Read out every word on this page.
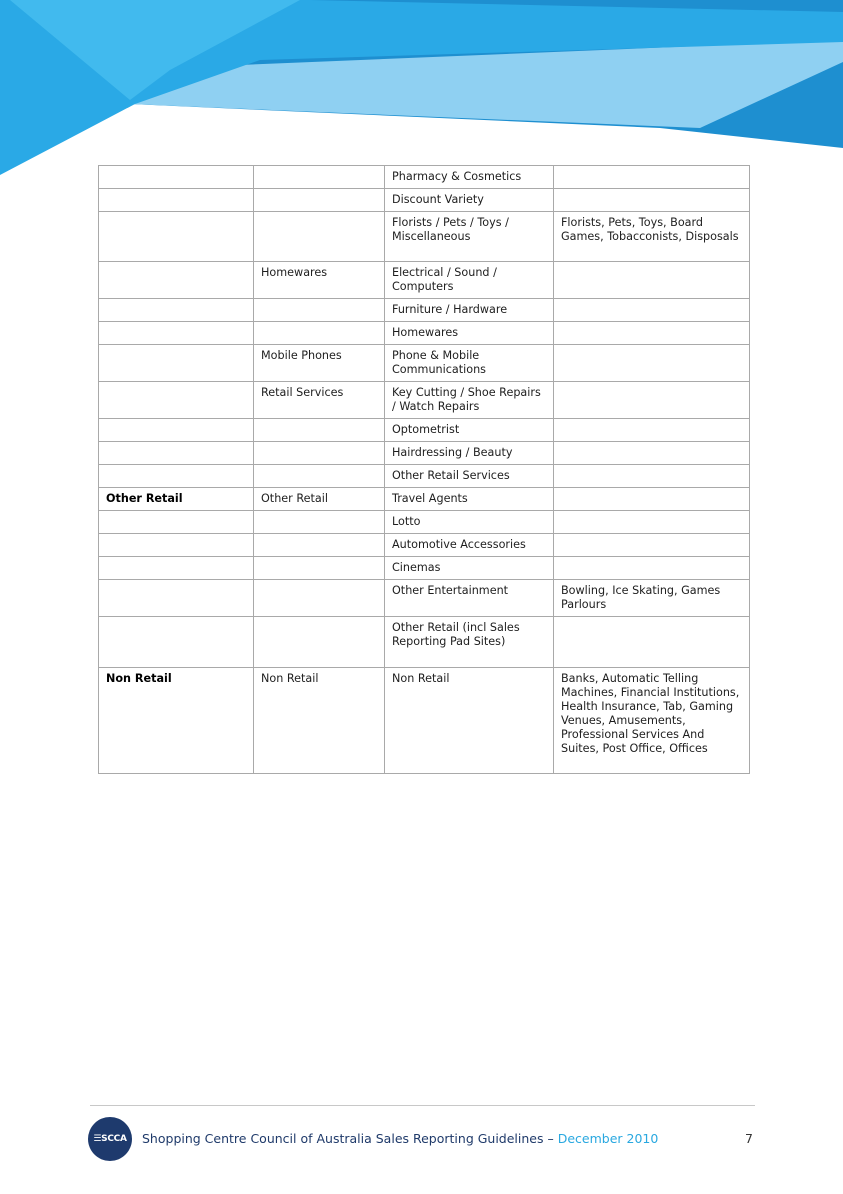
		Pharmacy & Cosmetics	
		Discount Variety	
		Florists / Pets / Toys / Miscellaneous	Florists, Pets, Toys, Board Games, Tobacconists, Disposals
	Homewares	Electrical / Sound / Computers	
		Furniture / Hardware	
		Homewares	
	Mobile Phones	Phone & Mobile Communications	
	Retail Services	Key Cutting / Shoe Repairs / Watch Repairs	
		Optometrist	
		Hairdressing / Beauty	
		Other Retail Services	
Other Retail	Other Retail	Travel Agents	
		Lotto	
		Automotive Accessories	
		Cinemas	
		Other Entertainment	Bowling, Ice Skating, Games Parlours
		Other Retail (incl Sales Reporting Pad Sites)	
Non Retail	Non Retail	Non Retail	Banks, Automatic Telling Machines, Financial Institutions, Health Insurance, Tab, Gaming Venues, Amusements, Professional Services And Suites, Post Office, Offices
☰ SCCA Shopping Centre Council of Australia Sales Reporting Guidelines – December 2010	7
